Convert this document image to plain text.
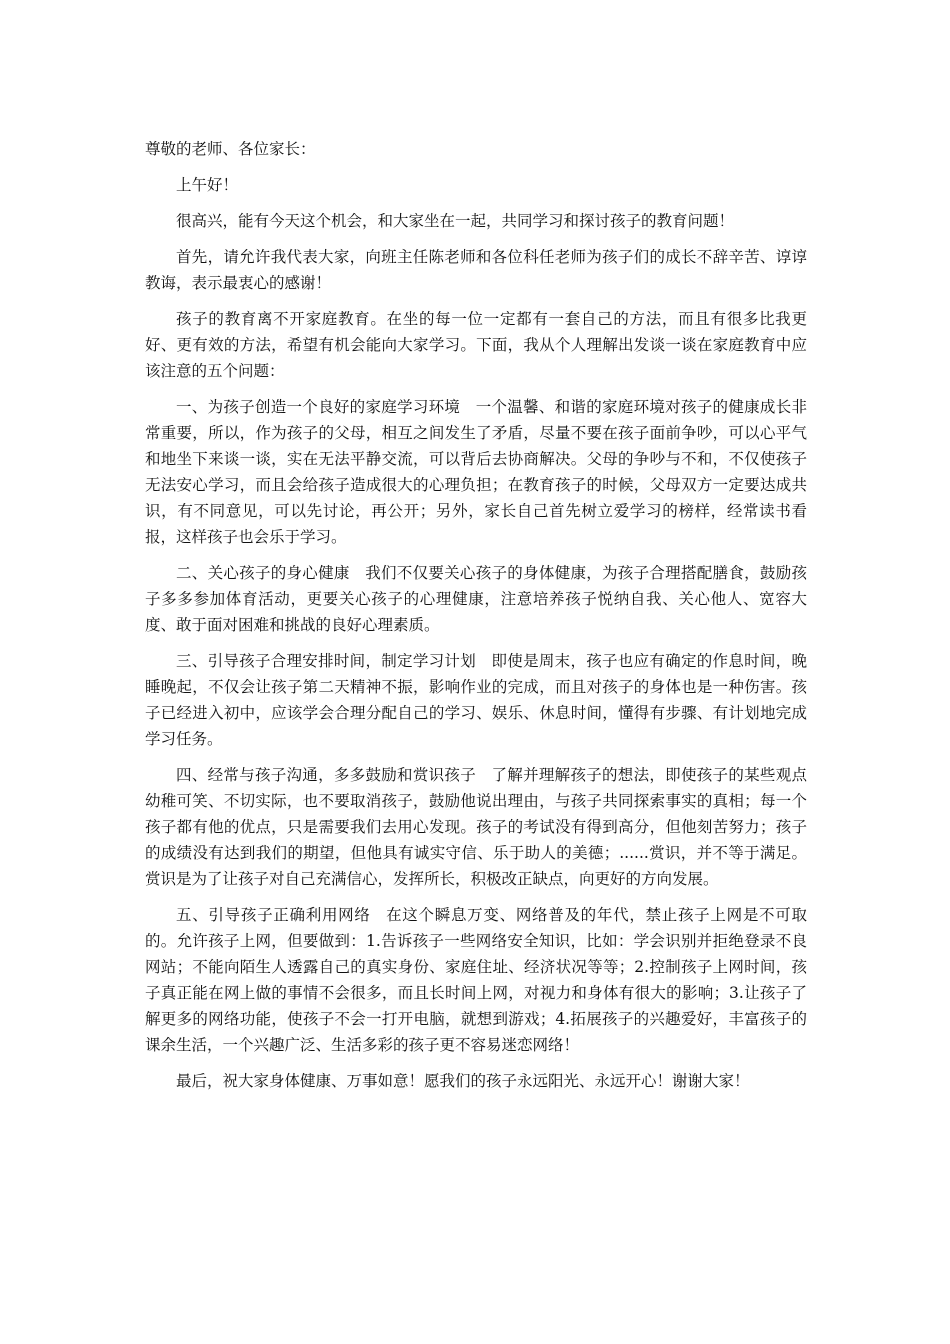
尊敬的老师、各位家长：

上午好！

很高兴，能有今天这个机会，和大家坐在一起，共同学习和探讨孩子的教育问题！

首先，请允许我代表大家，向班主任陈老师和各位科任老师为孩子们的成长不辞辛苦、谆谆教诲，表示最衷心的感谢！

孩子的教育离不开家庭教育。在坐的每一位一定都有一套自己的方法，而且有很多比我更好、更有效的方法，希望有机会能向大家学习。下面，我从个人理解出发谈一谈在家庭教育中应该注意的五个问题：

一、为孩子创造一个良好的家庭学习环境 一个温馨、和谐的家庭环境对孩子的健康成长非常重要，所以，作为孩子的父母，相互之间发生了矛盾，尽量不要在孩子面前争吵，可以心平气和地坐下来谈一谈，实在无法平静交流，可以背后去协商解决。父母的争吵与不和，不仅使孩子无法安心学习，而且会给孩子造成很大的心理负担；在教育孩子的时候，父母双方一定要达成共识，有不同意见，可以先讨论，再公开；另外，家长自己首先树立爱学习的榜样，经常读书看报，这样孩子也会乐于学习。

二、关心孩子的身心健康 我们不仅要关心孩子的身体健康，为孩子合理搭配膳食，鼓励孩子多多参加体育活动，更要关心孩子的心理健康，注意培养孩子悦纳自我、关心他人、宽容大度、敢于面对困难和挑战的良好心理素质。

三、引导孩子合理安排时间，制定学习计划 即使是周末，孩子也应有确定的作息时间，晚睡晚起，不仅会让孩子第二天精神不振，影响作业的完成，而且对孩子的身体也是一种伤害。孩子已经进入初中，应该学会合理分配自己的学习、娱乐、休息时间，懂得有步骤、有计划地完成学习任务。

四、经常与孩子沟通，多多鼓励和赏识孩子 了解并理解孩子的想法，即使孩子的某些观点幼稚可笑、不切实际，也不要取消孩子，鼓励他说出理由，与孩子共同探索事实的真相；每一个孩子都有他的优点，只是需要我们去用心发现。孩子的考试没有得到高分，但他刻苦努力；孩子的成绩没有达到我们的期望，但他具有诚实守信、乐于助人的美德；......赏识，并不等于满足。赏识是为了让孩子对自己充满信心，发挥所长，积极改正缺点，向更好的方向发展。

五、引导孩子正确利用网络 在这个瞬息万变、网络普及的年代，禁止孩子上网是不可取的。允许孩子上网，但要做到：1.告诉孩子一些网络安全知识，比如：学会识别并拒绝登录不良网站；不能向陌生人透露自己的真实身份、家庭住址、经济状况等等；2.控制孩子上网时间，孩子真正能在网上做的事情不会很多，而且长时间上网，对视力和身体有很大的影响；3.让孩子了解更多的网络功能，使孩子不会一打开电脑，就想到游戏；4.拓展孩子的兴趣爱好，丰富孩子的课余生活，一个兴趣广泛、生活多彩的孩子更不容易迷恋网络！

最后，祝大家身体健康、万事如意！愿我们的孩子永远阳光、永远开心！谢谢大家！
